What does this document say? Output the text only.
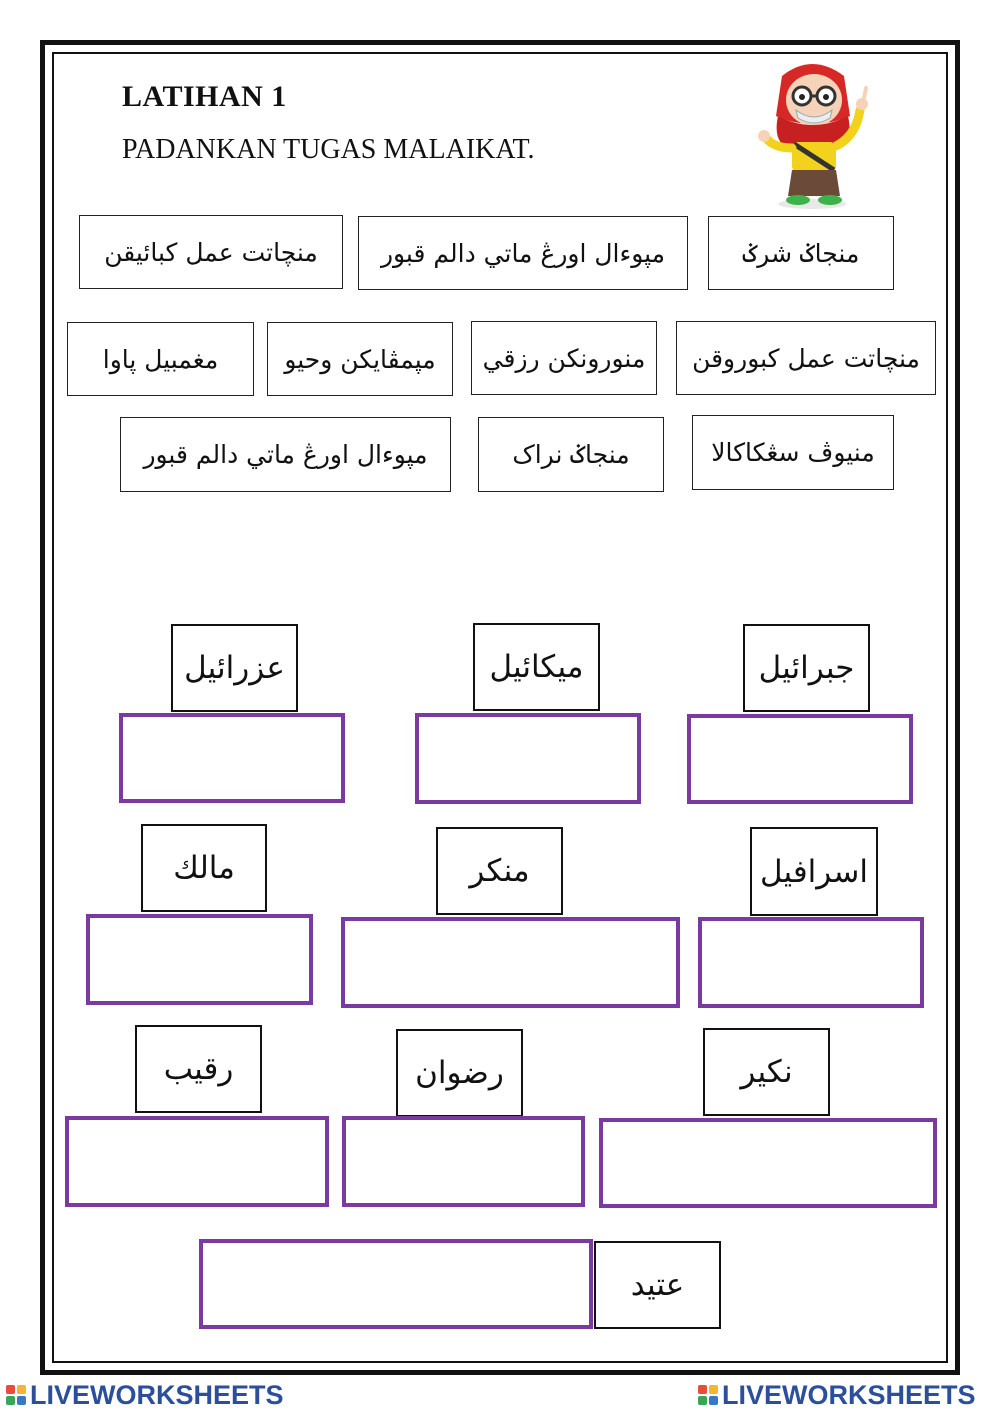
LATIHAN 1
PADANKAN TUGAS MALAIKAT.
منچاتت عمل كبائيقن	مپوءال اورڠ ماتي دالم قبور	منجاݢ شرݢ
مغمبيل ڽاوا	مپمڤايکن وحيو	منورونکن رزقي	منچاتت عمل کبوروقن
مپوءال اورڠ ماتي دالم قبور	منجاݢ نراک	منيوڤ سڠكاكالا
عزرائيل	ميكائيل	جبرائيل
مالك	منكر	اسرافيل
رقيب	رضوان	نكير
عتيد
LIVEWORKSHEETS	LIVEWORKSHEETS
